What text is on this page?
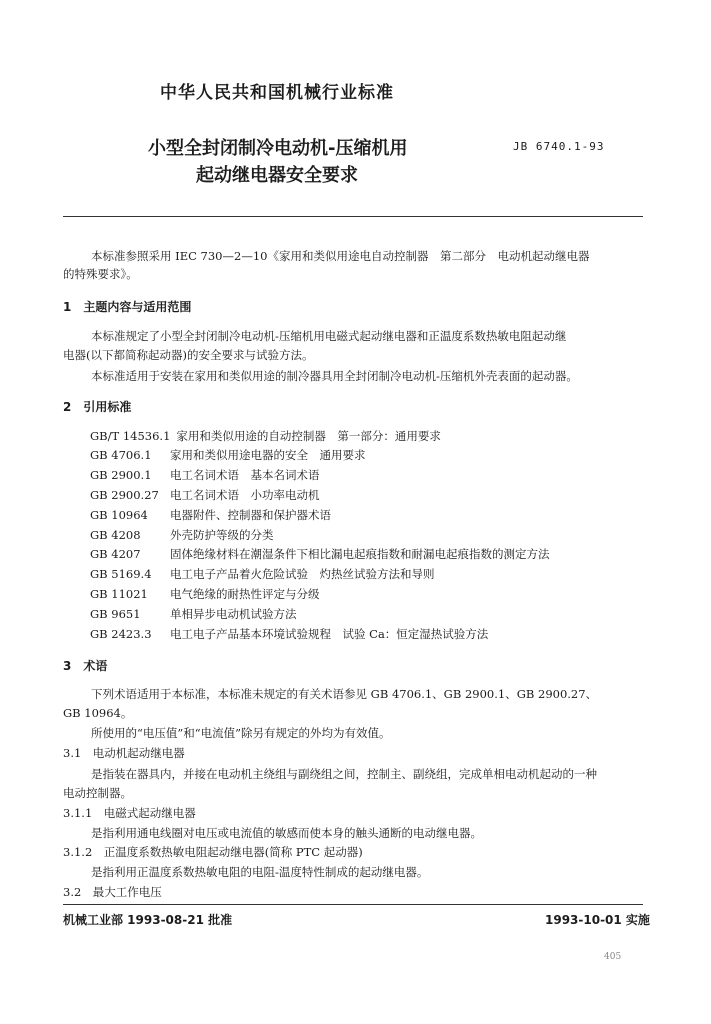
中华人民共和国机械行业标准
小型全封闭制冷电动机-压缩机用
起动继电器安全要求
JB 6740.1-93
本标准参照采用 IEC 730—2—10《家用和类似用途电自动控制器　第二部分　电动机起动继电器
的特殊要求》。
1　主题内容与适用范围
本标准规定了小型全封闭制冷电动机-压缩机用电磁式起动继电器和正温度系数热敏电阻起动继
电器(以下都简称起动器)的安全要求与试验方法。
本标准适用于安装在家用和类似用途的制冷器具用全封闭制冷电动机-压缩机外壳表面的起动器。
2　引用标准
GB/T 14536.1 家用和类似用途的自动控制器　第一部分：通用要求
GB 4706.1 家用和类似用途电器的安全　通用要求
GB 2900.1 电工名词术语　基本名词术语
GB 2900.27 电工名词术语　小功率电动机
GB 10964 电器附件、控制器和保护器术语
GB 4208	外壳防护等级的分类
GB 4207	固体绝缘材料在潮湿条件下相比漏电起痕指数和耐漏电起痕指数的测定方法
GB 5169.4 电工电子产品着火危险试验　灼热丝试验方法和导则
GB 11021 电气绝缘的耐热性评定与分级
GB 9651	单相异步电动机试验方法
GB 2423.3 电工电子产品基本环境试验规程　试验 Ca：恒定湿热试验方法
3　术语
下列术语适用于本标准，本标准未规定的有关术语参见 GB 4706.1、GB 2900.1、GB 2900.27、
GB 10964。
所使用的“电压值”和“电流值”除另有规定的外均为有效值。
3.1　电动机起动继电器
是指装在器具内，并接在电动机主绕组与副绕组之间，控制主、副绕组，完成单相电动机起动的一种
电动控制器。
3.1.1　电磁式起动继电器
是指利用通电线圈对电压或电流值的敏感而使本身的触头通断的电动继电器。
3.1.2　正温度系数热敏电阻起动继电器(简称 PTC 起动器)
是指利用正温度系数热敏电阻的电阻-温度特性制成的起动继电器。
3.2　最大工作电压
机械工业部 1993-08-21 批准	1993-10-01 实施
405
